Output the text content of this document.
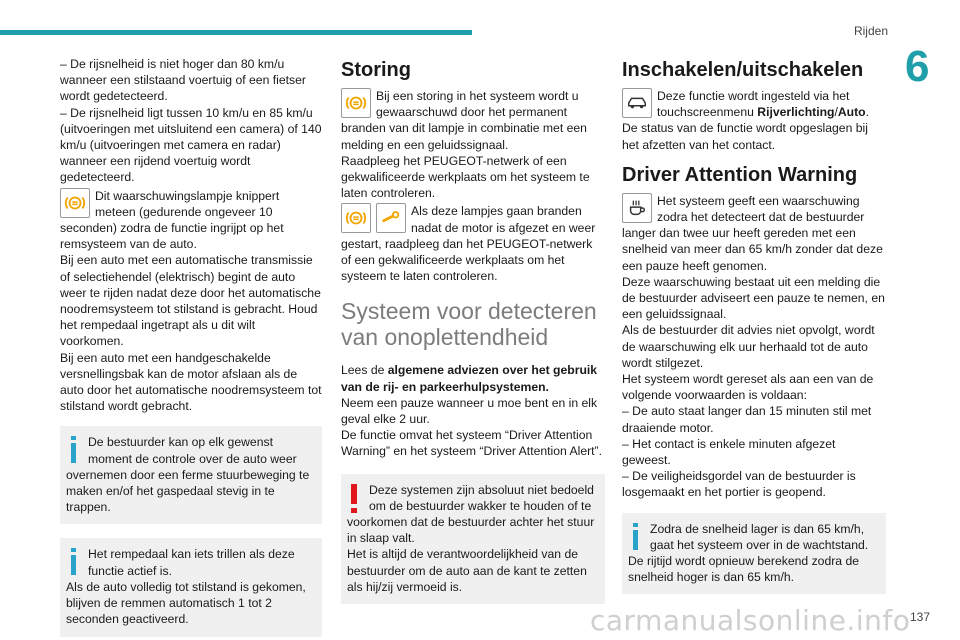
Rijden
6

– De rijsnelheid is niet hoger dan 80 km/u wanneer een stilstaand voertuig of een fietser wordt gedetecteerd.

– De rijsnelheid ligt tussen 10 km/u en 85 km/u (uitvoeringen met uitsluitend een camera) of 140 km/u (uitvoeringen met camera en radar) wanneer een rijdend voertuig wordt gedetecteerd.

Dit waarschuwingslampje knippert meteen (gedurende ongeveer 10 seconden) zodra de functie ingrijpt op het remsysteem van de auto.

Bij een auto met een automatische transmissie of selectiehendel (elektrisch) begint de auto weer te rijden nadat deze door het automatische noodremsysteem tot stilstand is gebracht. Houd het rempedaal ingetrapt als u dit wilt voorkomen.

Bij een auto met een handgeschakelde versnellingsbak kan de motor afslaan als de auto door het automatische noodremsysteem tot stilstand wordt gebracht.

De bestuurder kan op elk gewenst moment de controle over de auto weer overnemen door een ferme stuurbeweging te maken en/of het gaspedaal stevig in te trappen.

Het rempedaal kan iets trillen als deze functie actief is.

Als de auto volledig tot stilstand is gekomen, blijven de remmen automatisch 1 tot 2 seconden geactiveerd.

Storing

Bij een storing in het systeem wordt u gewaarschuwd door het permanent branden van dit lampje in combinatie met een melding en een geluidssignaal.

Raadpleeg het PEUGEOT-netwerk of een gekwalificeerde werkplaats om het systeem te laten controleren.

Als deze lampjes gaan branden nadat de motor is afgezet en weer gestart, raadpleeg dan het PEUGEOT-netwerk of een gekwalificeerde werkplaats om het systeem te laten controleren.

Systeem voor detecteren van onoplettendheid

Lees de algemene adviezen over het gebruik van de rij- en parkeerhulpsystemen.

Neem een pauze wanneer u moe bent en in elk geval elke 2 uur.

De functie omvat het systeem “Driver Attention Warning” en het systeem “Driver Attention Alert”.

Deze systemen zijn absoluut niet bedoeld om de bestuurder wakker te houden of te voorkomen dat de bestuurder achter het stuur in slaap valt.

Het is altijd de verantwoordelijkheid van de bestuurder om de auto aan de kant te zetten als hij/zij vermoeid is.

Inschakelen/uitschakelen

Deze functie wordt ingesteld via het touchscreenmenu Rijverlichting/Auto.

De status van de functie wordt opgeslagen bij het afzetten van het contact.

Driver Attention Warning

Het systeem geeft een waarschuwing zodra het detecteert dat de bestuurder langer dan twee uur heeft gereden met een snelheid van meer dan 65 km/h zonder dat deze een pauze heeft genomen.

Deze waarschuwing bestaat uit een melding die de bestuurder adviseert een pauze te nemen, en een geluidssignaal.

Als de bestuurder dit advies niet opvolgt, wordt de waarschuwing elk uur herhaald tot de auto wordt stilgezet.

Het systeem wordt gereset als aan een van de volgende voorwaarden is voldaan:

– De auto staat langer dan 15 minuten stil met draaiende motor.

– Het contact is enkele minuten afgezet geweest.

– De veiligheidsgordel van de bestuurder is losgemaakt en het portier is geopend.

Zodra de snelheid lager is dan 65 km/h, gaat het systeem over in de wachtstand.

De rijtijd wordt opnieuw berekend zodra de snelheid hoger is dan 65 km/h.

carmanualsonline.info 137
